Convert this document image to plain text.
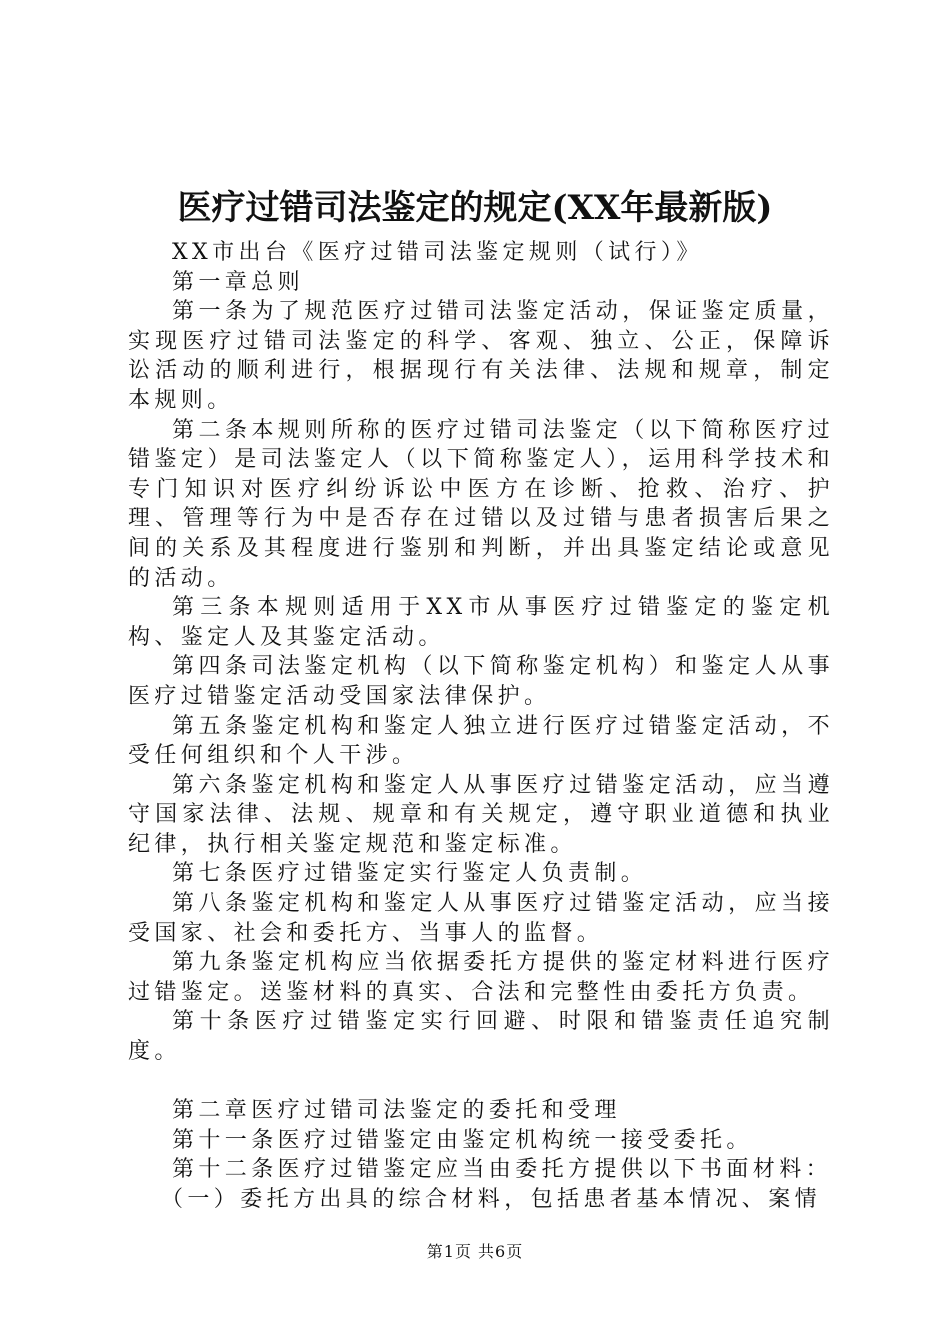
医疗过错司法鉴定的规定(XX年最新版)

XX市出台《医疗过错司法鉴定规则（试行）》

第一章总则

第一条为了规范医疗过错司法鉴定活动，保证鉴定质量，实现医疗过错司法鉴定的科学、客观、独立、公正，保障诉讼活动的顺利进行，根据现行有关法律、法规和规章，制定本规则。

第二条本规则所称的医疗过错司法鉴定（以下简称医疗过错鉴定）是司法鉴定人（以下简称鉴定人），运用科学技术和专门知识对医疗纠纷诉讼中医方在诊断、抢救、治疗、护理、管理等行为中是否存在过错以及过错与患者损害后果之间的关系及其程度进行鉴别和判断，并出具鉴定结论或意见的活动。

第三条本规则适用于XX市从事医疗过错鉴定的鉴定机构、鉴定人及其鉴定活动。

第四条司法鉴定机构（以下简称鉴定机构）和鉴定人从事医疗过错鉴定活动受国家法律保护。

第五条鉴定机构和鉴定人独立进行医疗过错鉴定活动，不受任何组织和个人干涉。

第六条鉴定机构和鉴定人从事医疗过错鉴定活动，应当遵守国家法律、法规、规章和有关规定，遵守职业道德和执业纪律，执行相关鉴定规范和鉴定标准。

第七条医疗过错鉴定实行鉴定人负责制。

第八条鉴定机构和鉴定人从事医疗过错鉴定活动，应当接受国家、社会和委托方、当事人的监督。

第九条鉴定机构应当依据委托方提供的鉴定材料进行医疗过错鉴定。送鉴材料的真实、合法和完整性由委托方负责。

第十条医疗过错鉴定实行回避、时限和错鉴责任追究制度。

第二章医疗过错司法鉴定的委托和受理

第十一条医疗过错鉴定由鉴定机构统一接受委托。

第十二条医疗过错鉴定应当由委托方提供以下书面材料：

（一）委托方出具的综合材料，包括患者基本情况、案情

第1页 共6页
